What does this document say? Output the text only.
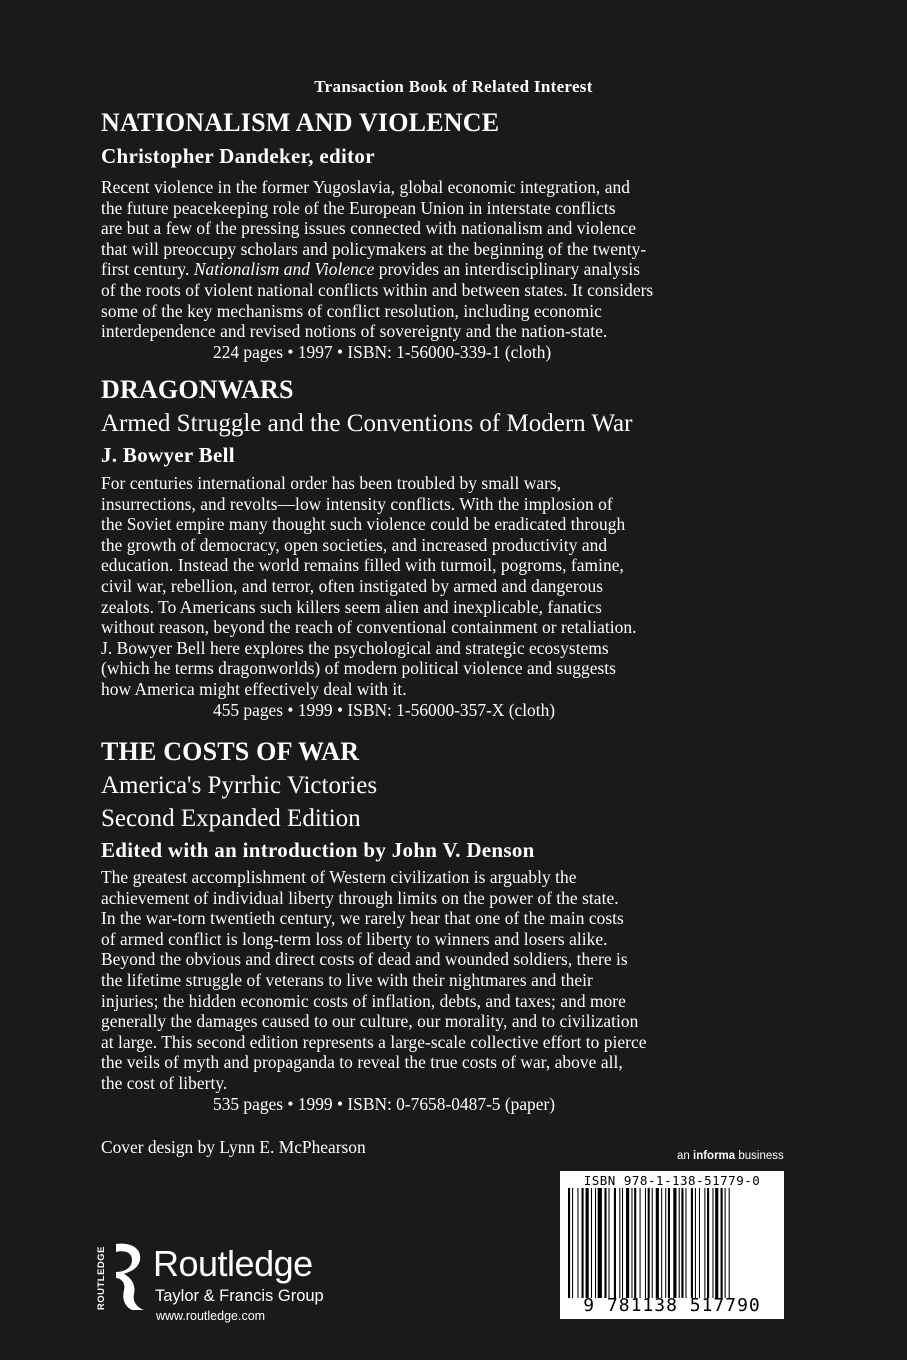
Transaction Book of Related Interest

NATIONALISM AND VIOLENCE

Christopher Dandeker, editor

Recent violence in the former Yugoslavia, global economic integration, and
the future peacekeeping role of the European Union in interstate conflicts
are but a few of the pressing issues connected with nationalism and violence
that will preoccupy scholars and policymakers at the beginning of the twenty-
first century. Nationalism and Violence provides an interdisciplinary analysis
of the roots of violent national conflicts within and between states. It considers
some of the key mechanisms of conflict resolution, including economic
interdependence and revised notions of sovereignty and the nation-state.

224 pages • 1997 • ISBN: 1-56000-339-1 (cloth)

DRAGONWARS

Armed Struggle and the Conventions of Modern War

J. Bowyer Bell

For centuries international order has been troubled by small wars,
insurrections, and revolts—low intensity conflicts. With the implosion of
the Soviet empire many thought such violence could be eradicated through
the growth of democracy, open societies, and increased productivity and
education. Instead the world remains filled with turmoil, pogroms, famine,
civil war, rebellion, and terror, often instigated by armed and dangerous
zealots. To Americans such killers seem alien and inexplicable, fanatics
without reason, beyond the reach of conventional containment or retaliation.
J. Bowyer Bell here explores the psychological and strategic ecosystems
(which he terms dragonworlds) of modern political violence and suggests
how America might effectively deal with it.

455 pages • 1999 • ISBN: 1-56000-357-X (cloth)

THE COSTS OF WAR

America's Pyrrhic Victories

Second Expanded Edition

Edited with an introduction by John V. Denson

The greatest accomplishment of Western civilization is arguably the
achievement of individual liberty through limits on the power of the state.
In the war-torn twentieth century, we rarely hear that one of the main costs
of armed conflict is long-term loss of liberty to winners and losers alike.
Beyond the obvious and direct costs of dead and wounded soldiers, there is
the lifetime struggle of veterans to live with their nightmares and their
injuries; the hidden economic costs of inflation, debts, and taxes; and more
generally the damages caused to our culture, our morality, and to civilization
at large. This second edition represents a large-scale collective effort to pierce
the veils of myth and propaganda to reveal the true costs of war, above all,
the cost of liberty.

535 pages • 1999 • ISBN: 0-7658-0487-5 (paper)

Cover design by Lynn E. McPhearson	an informa business
ISBN 978-1-138-51779-0
9 781138 517790
ROUTLEDGE Routledge
Taylor & Francis Group
www.routledge.com
